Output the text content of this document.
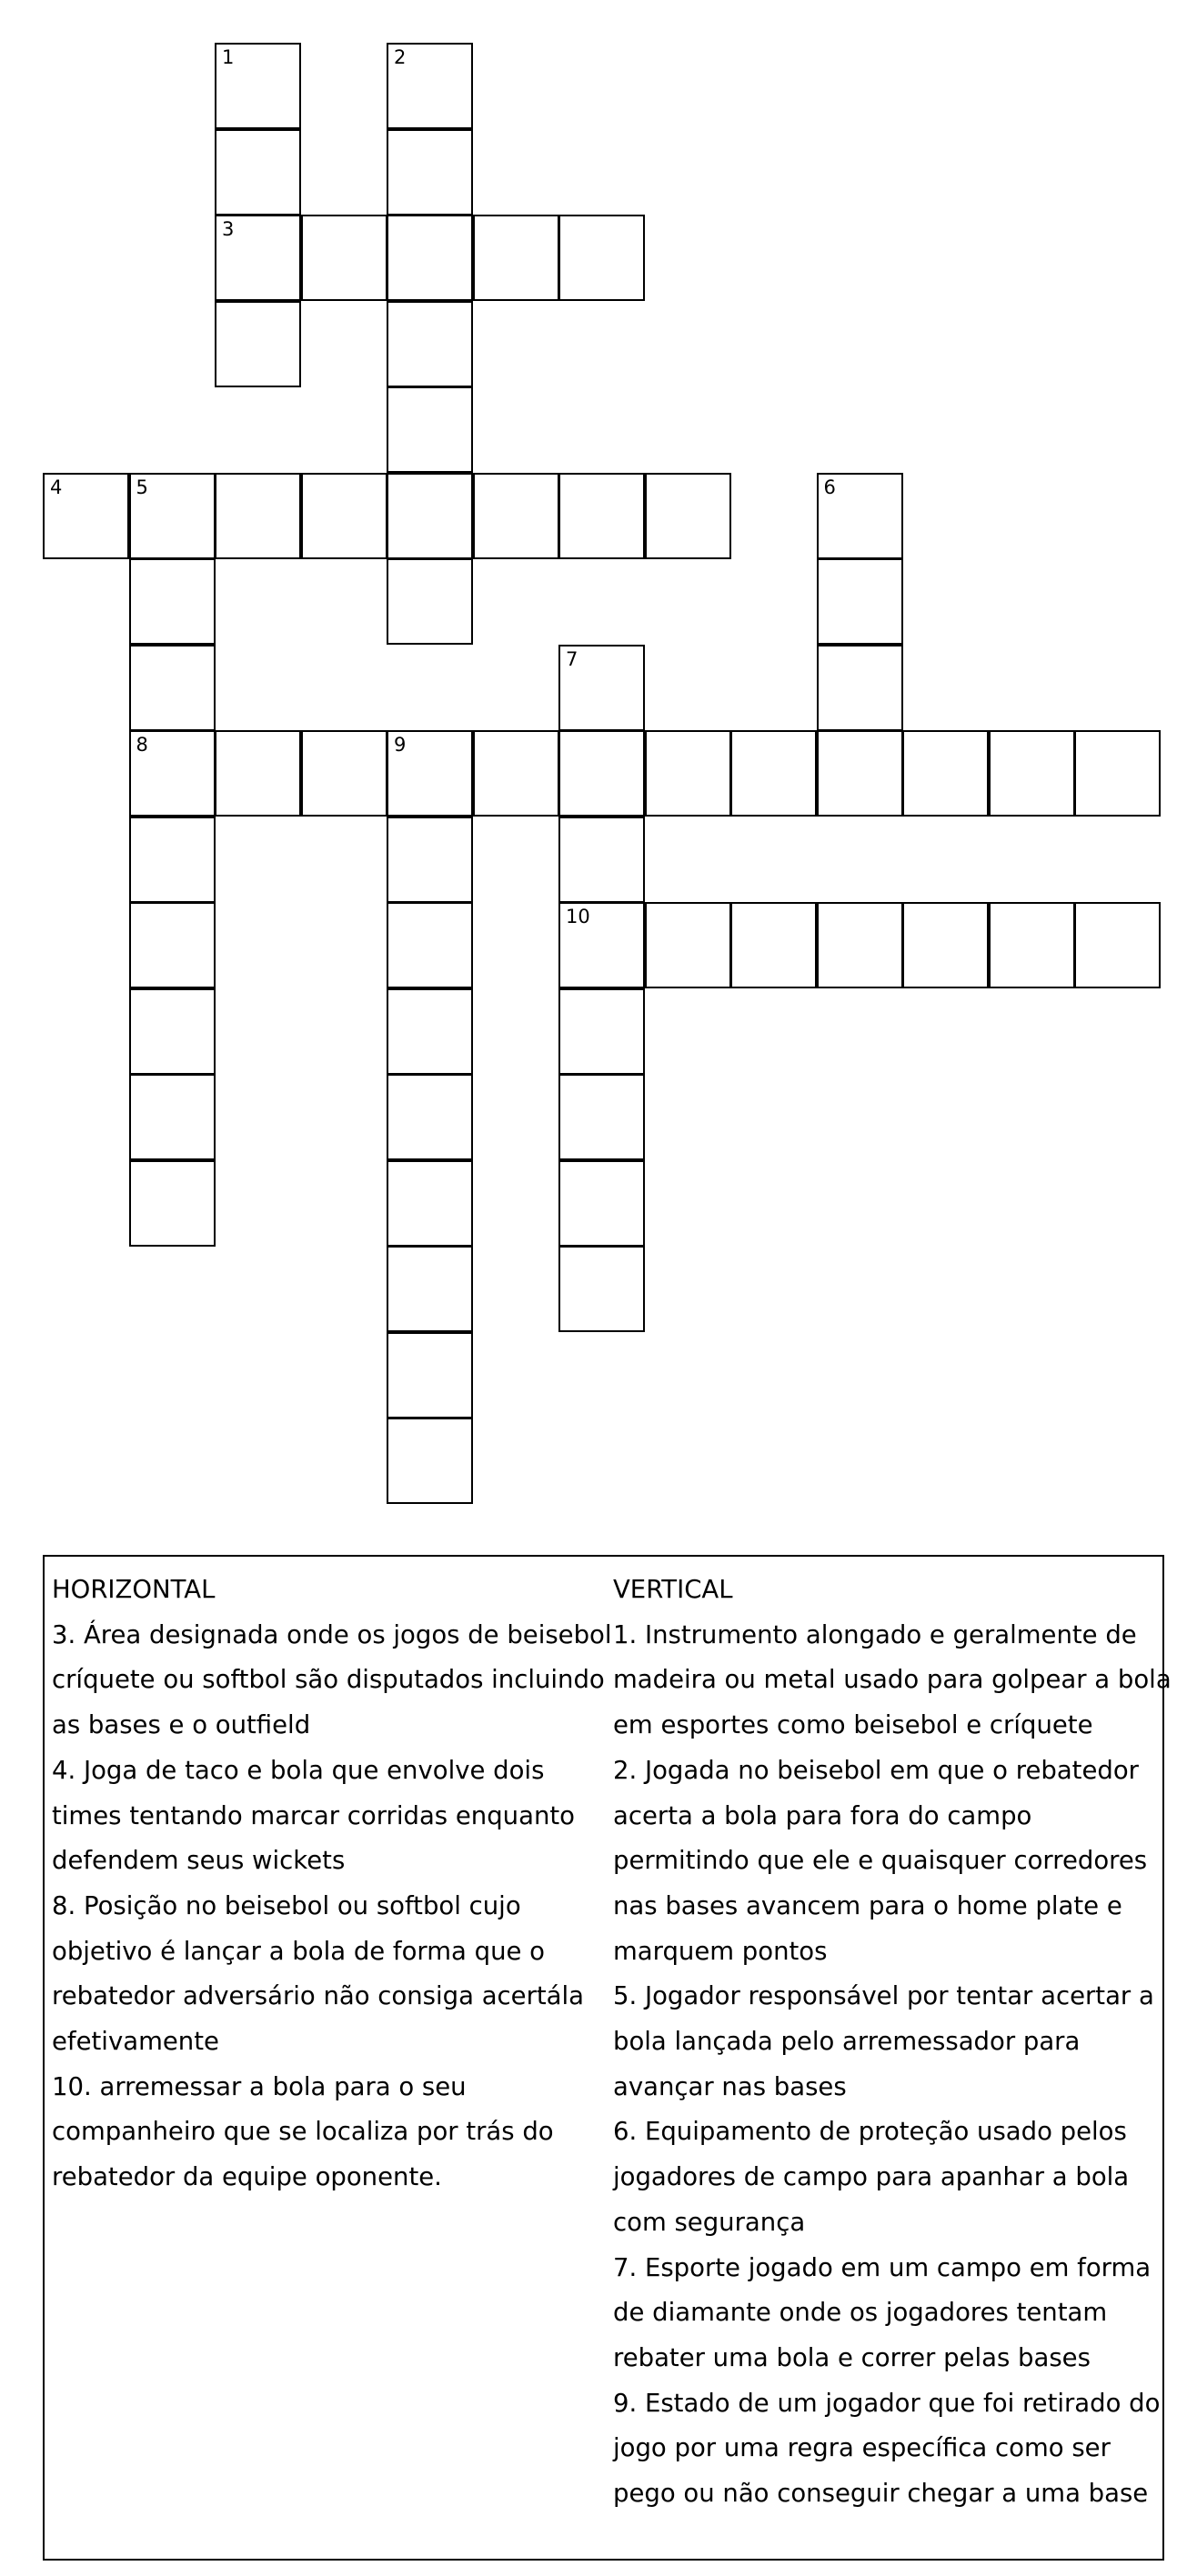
1
3
2
4	5
8
6
7
10
9
HORIZONTAL
3. Área designada onde os jogos de beisebol
críquete ou softbol são disputados incluindo
as bases e o outfield
4. Joga de taco e bola que envolve dois
times tentando marcar corridas enquanto
defendem seus wickets
8. Posição no beisebol ou softbol cujo
objetivo é lançar a bola de forma que o
rebatedor adversário não consiga acertála
efetivamente
10. arremessar a bola para o seu
companheiro que se localiza por trás do
rebatedor da equipe oponente.
VERTICAL
1. Instrumento alongado e geralmente de
madeira ou metal usado para golpear a bola
em esportes como beisebol e críquete
2. Jogada no beisebol em que o rebatedor
acerta a bola para fora do campo
permitindo que ele e quaisquer corredores
nas bases avancem para o home plate e
marquem pontos
5. Jogador responsável por tentar acertar a
bola lançada pelo arremessador para
avançar nas bases
6. Equipamento de proteção usado pelos
jogadores de campo para apanhar a bola
com segurança
7. Esporte jogado em um campo em forma
de diamante onde os jogadores tentam
rebater uma bola e correr pelas bases
9. Estado de um jogador que foi retirado do
jogo por uma regra específica como ser
pego ou não conseguir chegar a uma base
